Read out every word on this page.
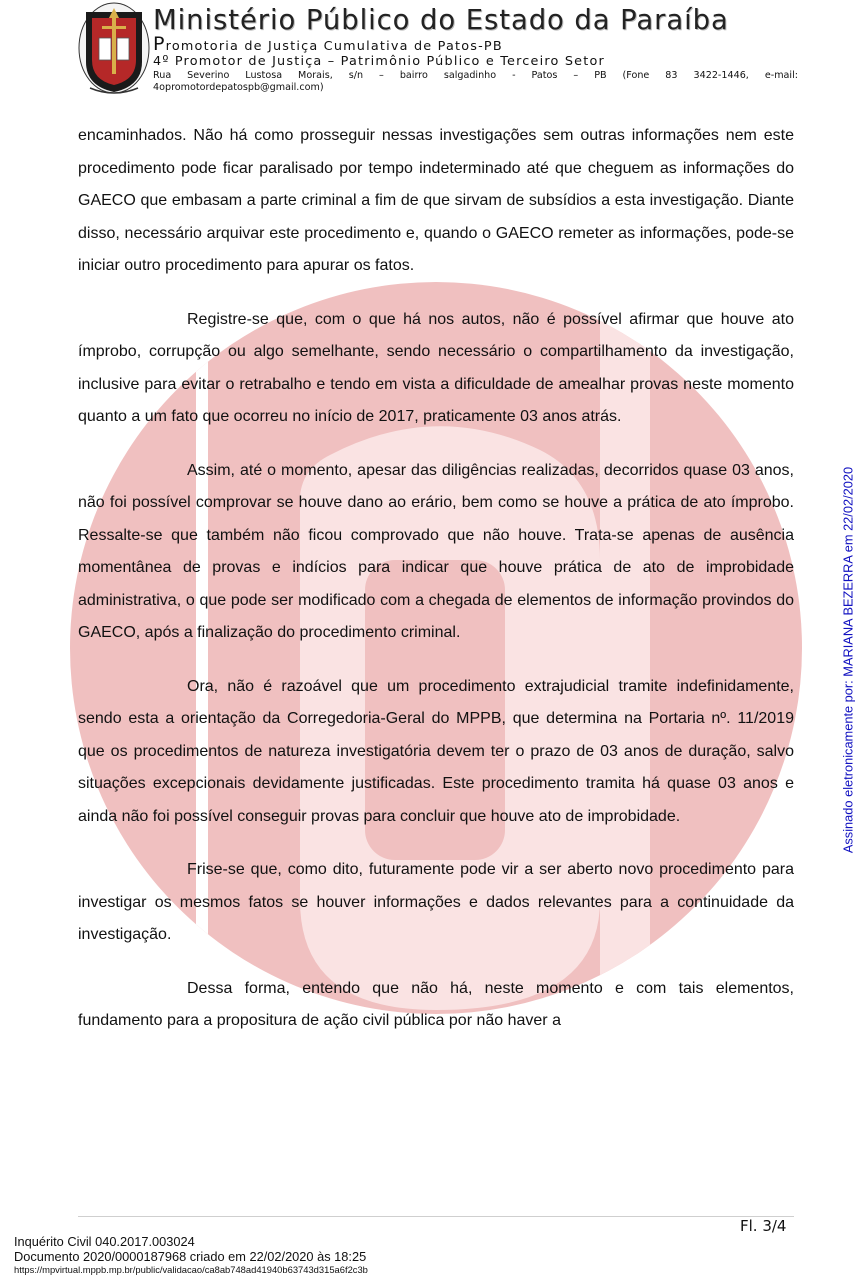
Ministério Público do Estado da Paraíba
Promotoria de Justiça Cumulativa de Patos-PB
4º Promotor de Justiça – Patrimônio Público e Terceiro Setor
Rua Severino Lustosa Morais, s/n – bairro salgadinho - Patos – PB (Fone 83 3422-1446, e-mail:
4opromotordepatospb@gmail.com)

encaminhados. Não há como prosseguir nessas investigações sem outras informações nem este procedimento pode ficar paralisado por tempo indeterminado até que cheguem as informações do GAECO que embasam a parte criminal a fim de que sirvam de subsídios a esta investigação. Diante disso, necessário arquivar este procedimento e, quando o GAECO remeter as informações, pode-se iniciar outro procedimento para apurar os fatos.

Registre-se que, com o que há nos autos, não é possível afirmar que houve ato ímprobo, corrupção ou algo semelhante, sendo necessário o compartilhamento da investigação, inclusive para evitar o retrabalho e tendo em vista a dificuldade de amealhar provas neste momento quanto a um fato que ocorreu no início de 2017, praticamente 03 anos atrás.

Assim, até o momento, apesar das diligências realizadas, decorridos quase 03 anos, não foi possível comprovar se houve dano ao erário, bem como se houve a prática de ato ímprobo. Ressalte-se que também não ficou comprovado que não houve. Trata-se apenas de ausência momentânea de provas e indícios para indicar que houve prática de ato de improbidade administrativa, o que pode ser modificado com a chegada de elementos de informação provindos do GAECO, após a finalização do procedimento criminal.

Ora, não é razoável que um procedimento extrajudicial tramite indefinidamente, sendo esta a orientação da Corregedoria-Geral do MPPB, que determina na Portaria nº. 11/2019 que os procedimentos de natureza investigatória devem ter o prazo de 03 anos de duração, salvo situações excepcionais devidamente justificadas. Este procedimento tramita há quase 03 anos e ainda não foi possível conseguir provas para concluir que houve ato de improbidade.

Frise-se que, como dito, futuramente pode vir a ser aberto novo procedimento para investigar os mesmos fatos se houver informações e dados relevantes para a continuidade da investigação.

Dessa forma, entendo que não há, neste momento e com tais elementos, fundamento para a propositura de ação civil pública por não haver a

Assinado eletronicamente por: MARIANA BEZERRA em 22/02/2020
Fl. 3/4
Inquérito Civil 040.2017.003024
Documento 2020/0000187968 criado em 22/02/2020 às 18:25

https://mpvirtual.mppb.mp.br/public/validacao/ca8ab748ad41940b63743d315a6f2c3b
